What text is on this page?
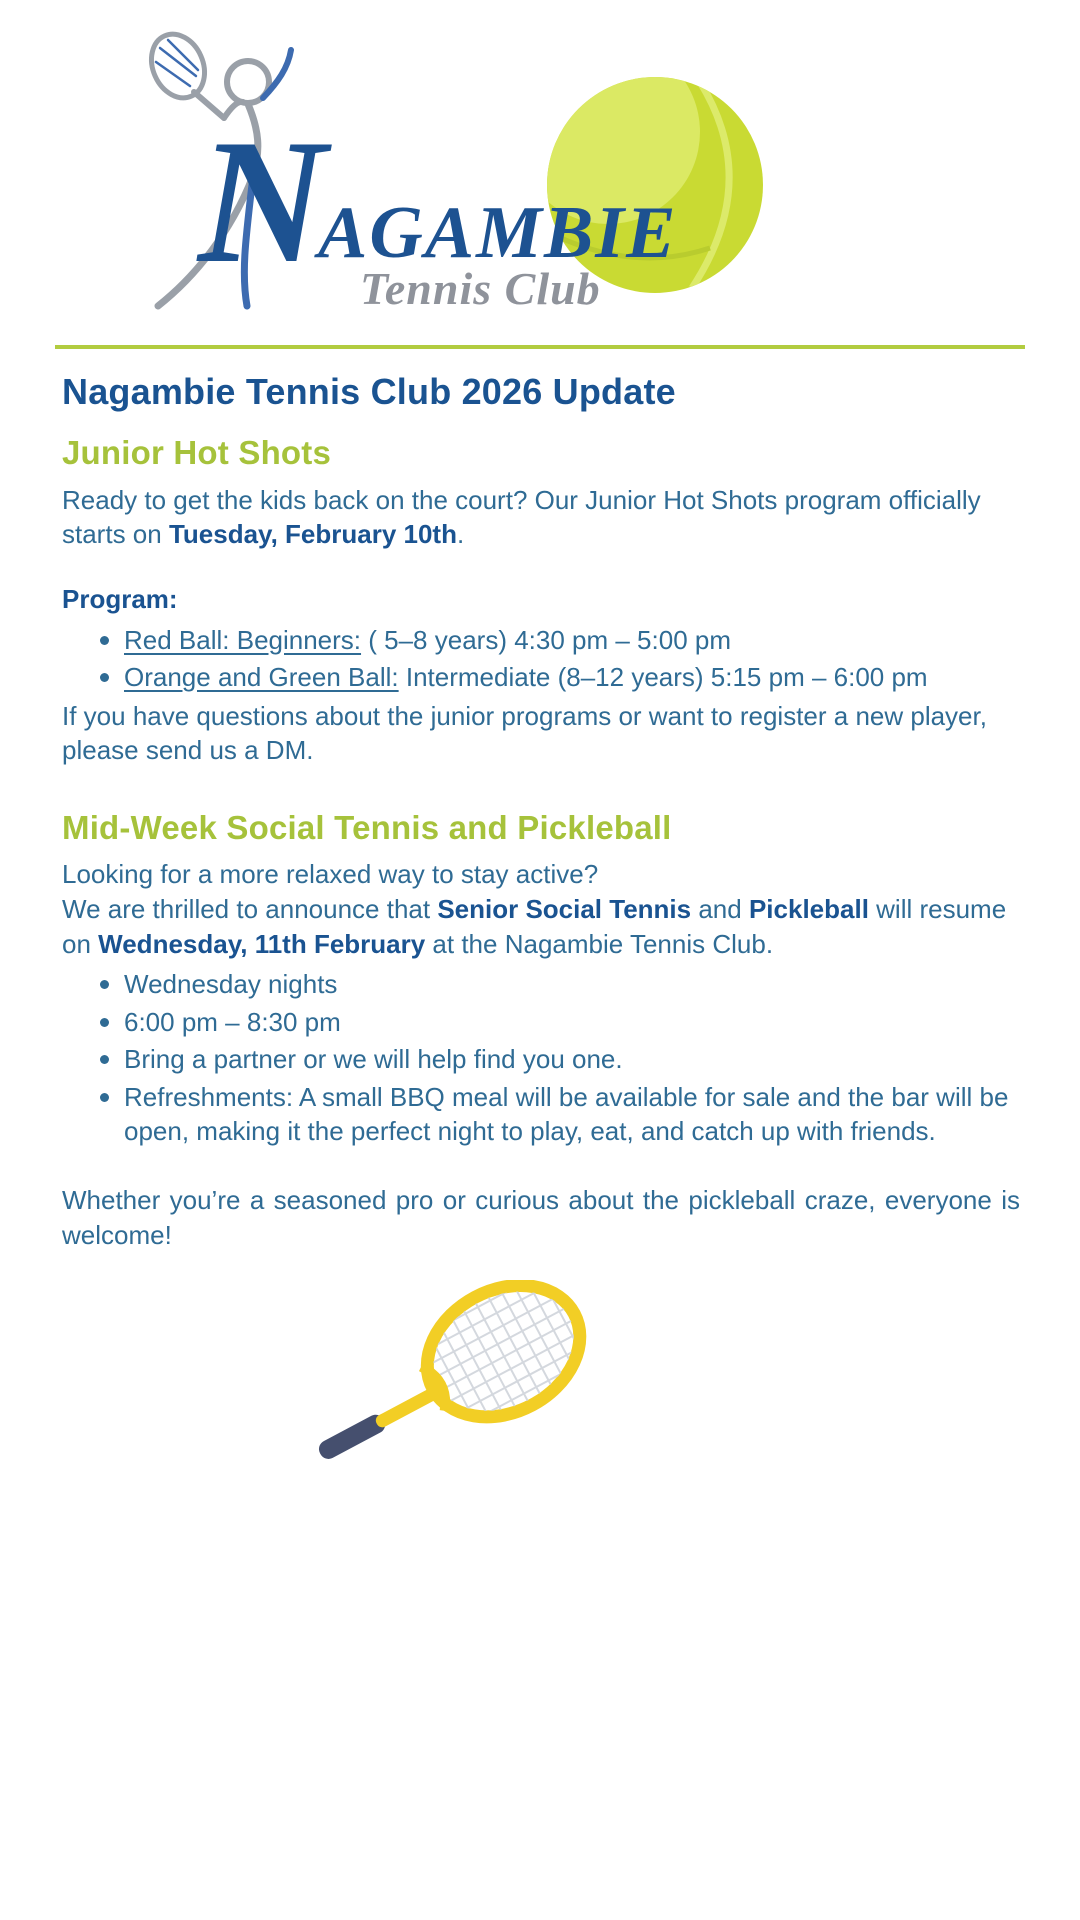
N
AGAMBIE
Tennis Club
Nagambie Tennis Club 2026 Update
Junior Hot Shots

Ready to get the kids back on the court? Our Junior Hot Shots program officially starts on Tuesday, February 10th.

Program:

Red Ball: Beginners: ( 5–8 years) 4:30 pm – 5:00 pm
Orange and Green Ball: Intermediate (8–12 years) 5:15 pm – 6:00 pm

If you have questions about the junior programs or want to register a new player, please send us a DM.

Mid-Week Social Tennis and Pickleball

Looking for a more relaxed way to stay active?

We are thrilled to announce that Senior Social Tennis and Pickleball will resume on Wednesday, 11th February at the Nagambie Tennis Club.

Wednesday nights
6:00 pm – 8:30 pm
Bring a partner or we will help find you one.
Refreshments: A small BBQ meal will be available for sale and the bar will be open, making it the perfect night to play, eat, and catch up with friends.

Whether you’re a seasoned pro or curious about the pickleball craze, everyone is welcome!
